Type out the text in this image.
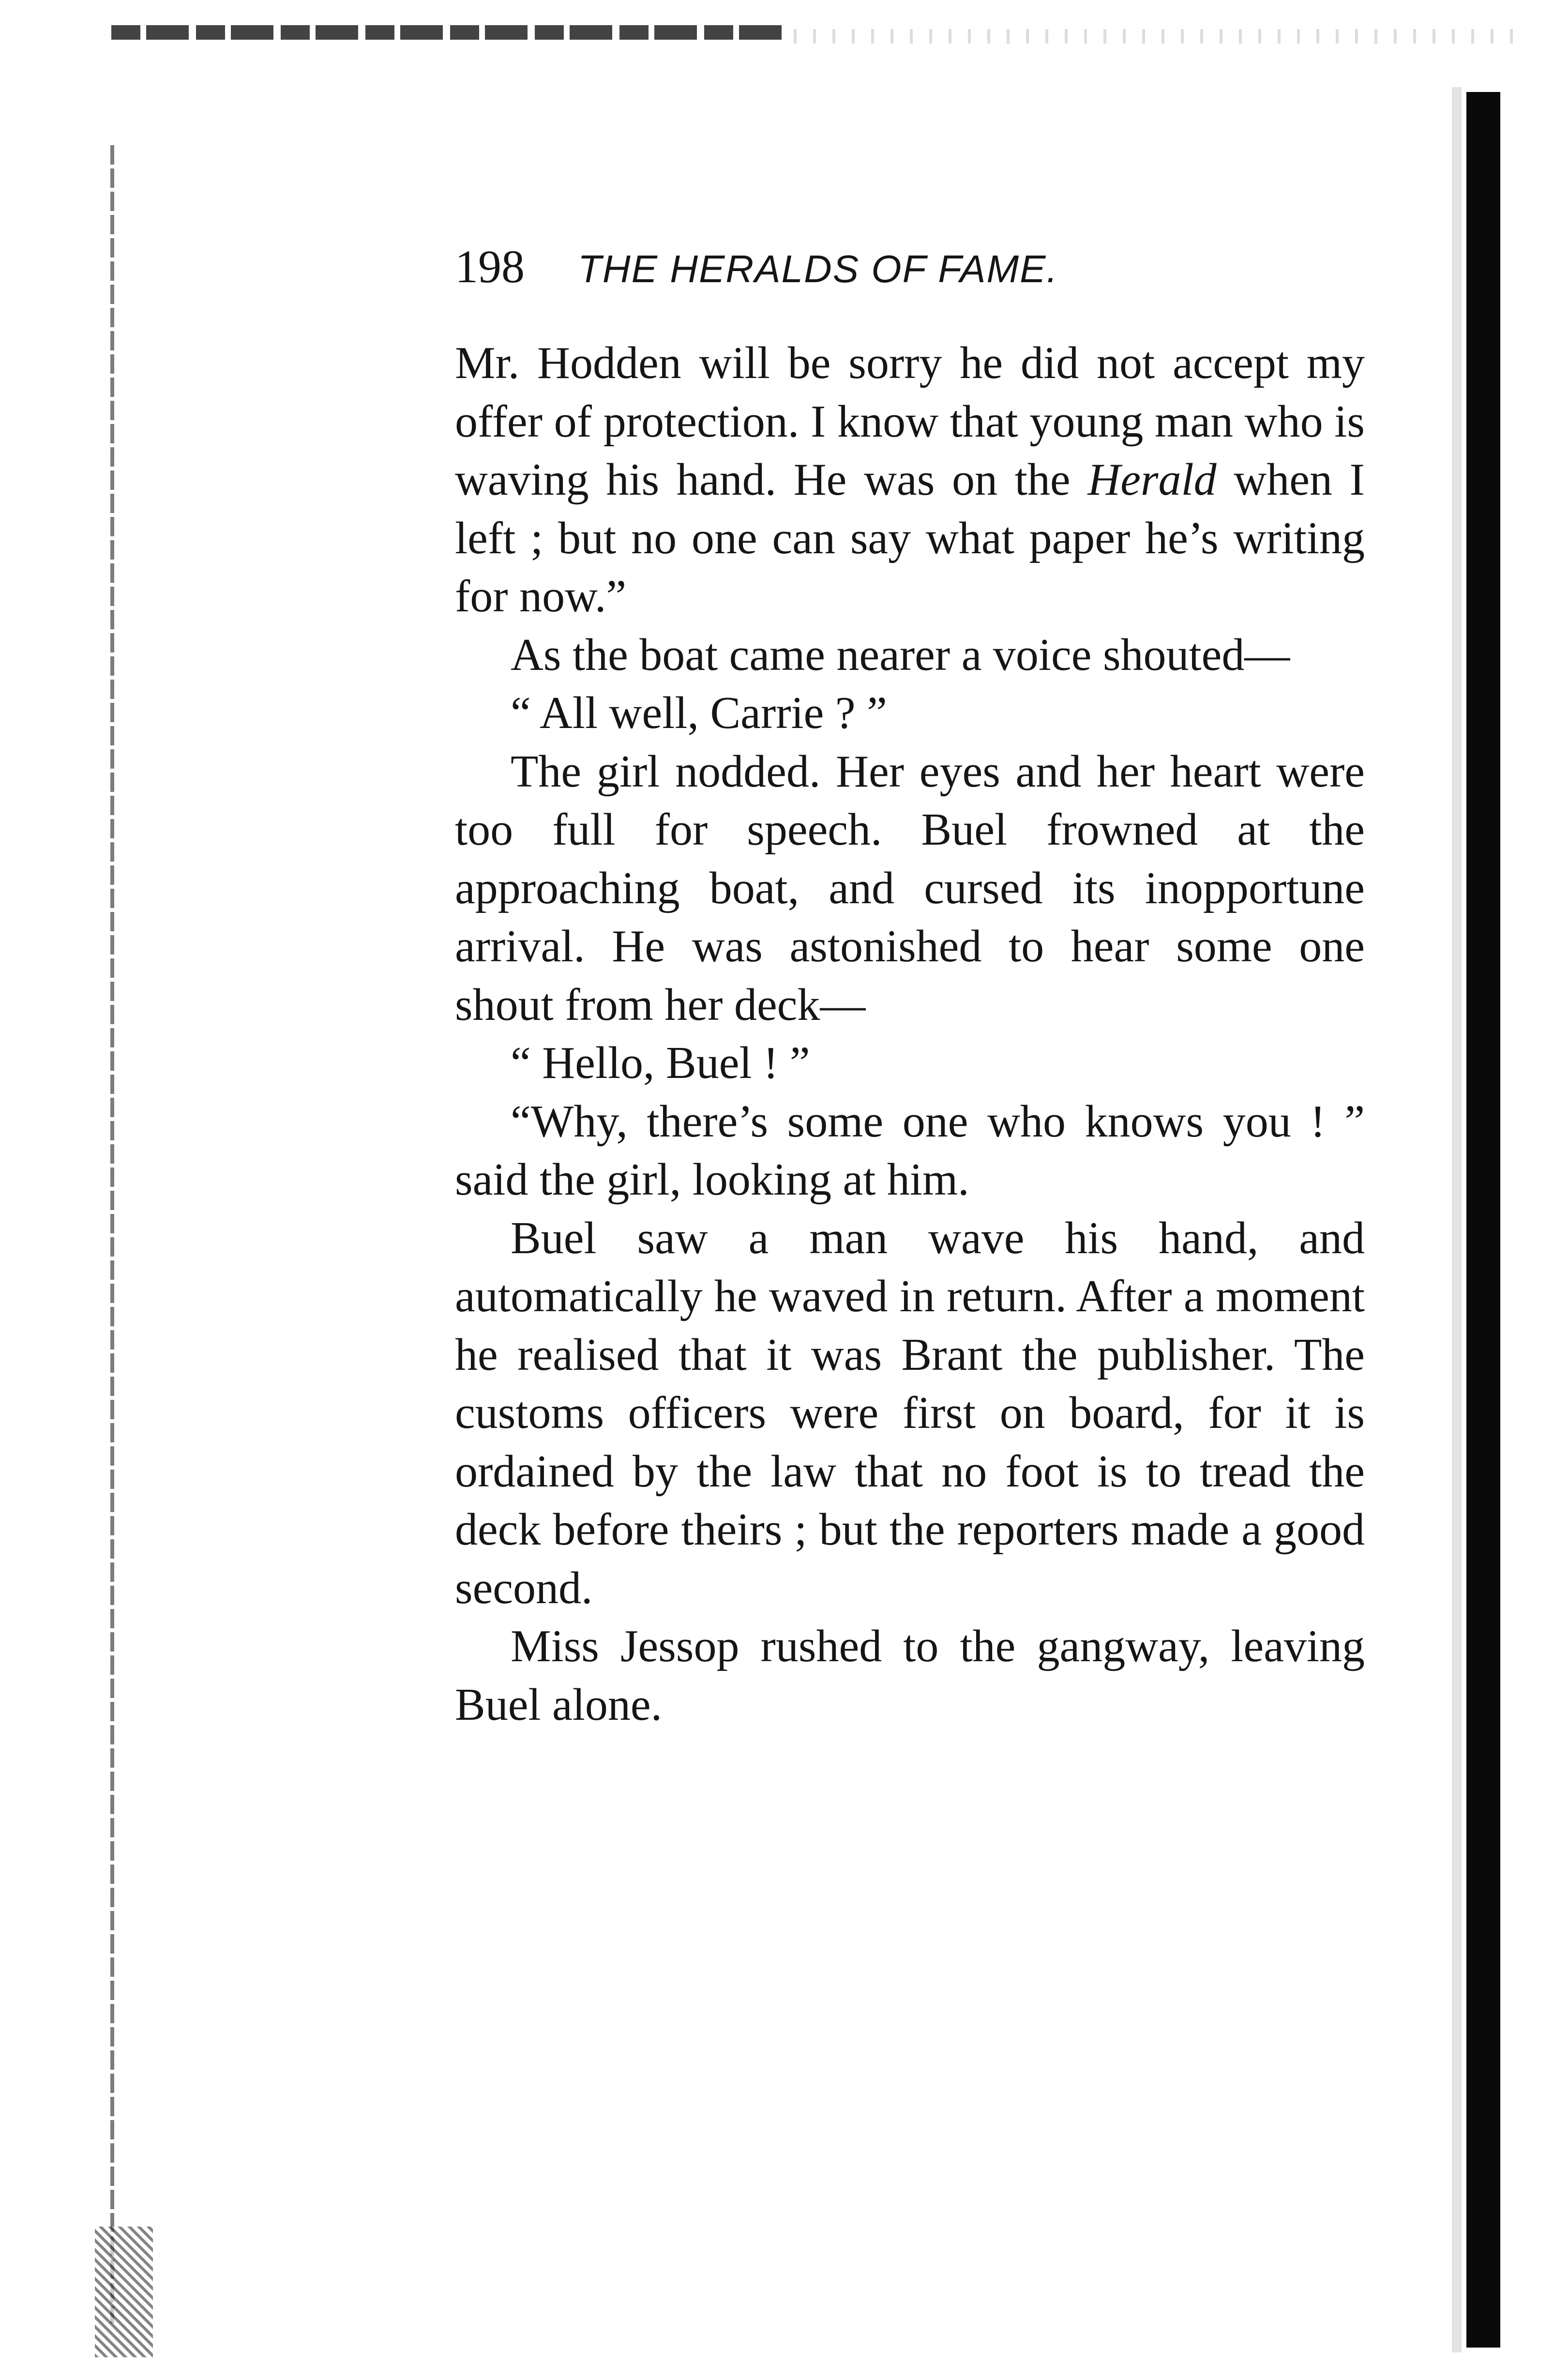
198 THE HERALDS OF FAME.

Mr. Hodden will be sorry he did not accept my offer of protection. I know that young man who is waving his hand. He was on the Herald when I left ; but no one can say what paper he’s writing for now.”

As the boat came nearer a voice shouted—

“ All well, Carrie ? ”

The girl nodded. Her eyes and her heart were too full for speech. Buel frowned at the approaching boat, and cursed its inopportune arrival. He was astonished to hear some one shout from her deck—

“ Hello, Buel ! ”

“Why, there’s some one who knows you ! ” said the girl, looking at him.

Buel saw a man wave his hand, and automatically he waved in return. After a moment he realised that it was Brant the publisher. The customs officers were first on board, for it is ordained by the law that no foot is to tread the deck before theirs ; but the reporters made a good second.

Miss Jessop rushed to the gangway, leaving Buel alone.
